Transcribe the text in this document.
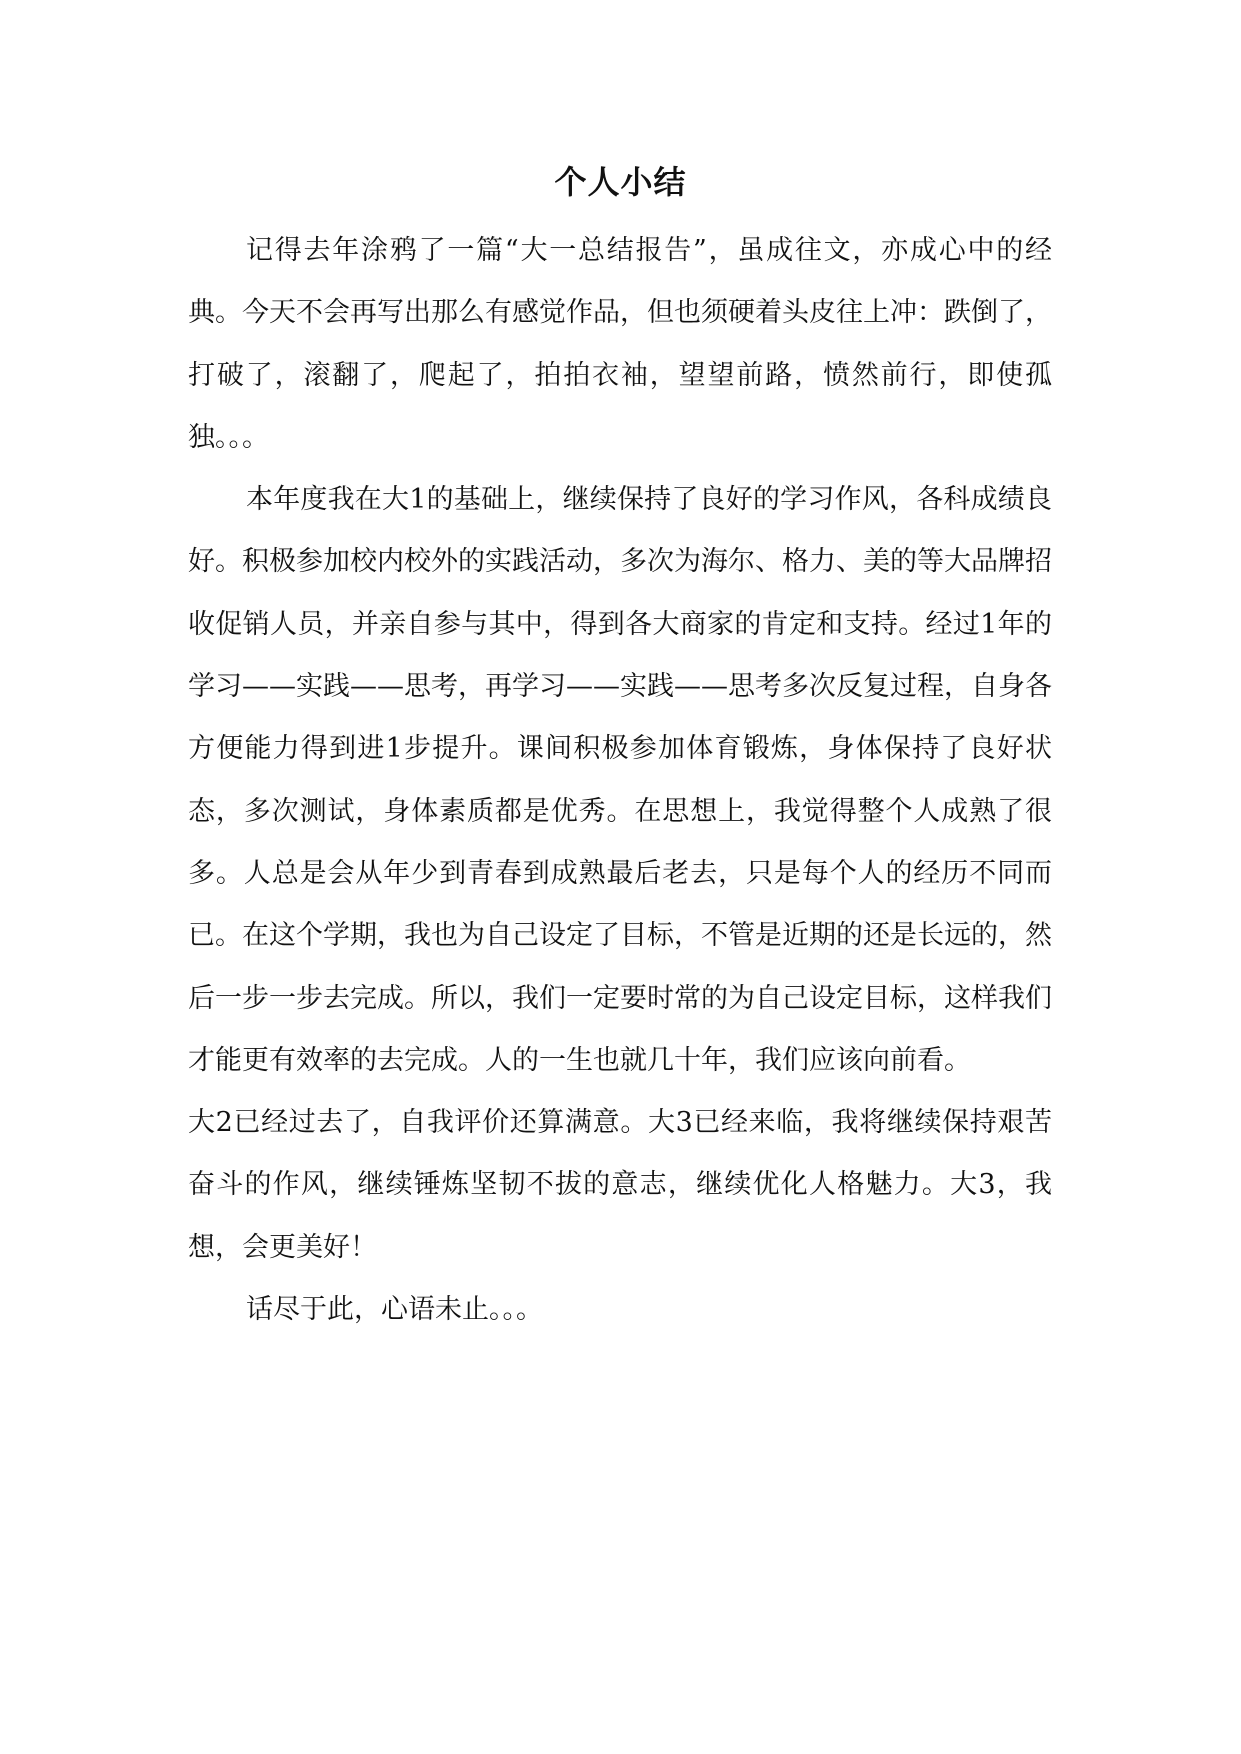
个人小结

记得去年涂鸦了一篇“大一总结报告”，虽成往文，亦成心中的经典。今天不会再写出那么有感觉作品，但也须硬着头皮往上冲：跌倒了，打破了，滚翻了，爬起了，拍拍衣袖，望望前路，愤然前行，即使孤独。。。

本年度我在大1的基础上，继续保持了良好的学习作风，各科成绩良好。积极参加校内校外的实践活动，多次为海尔、格力、美的等大品牌招收促销人员，并亲自参与其中，得到各大商家的肯定和支持。经过1年的学习——实践——思考，再学习——实践——思考多次反复过程，自身各方便能力得到进1步提升。课间积极参加体育锻炼，身体保持了良好状态，多次测试，身体素质都是优秀。在思想上，我觉得整个人成熟了很多。人总是会从年少到青春到成熟最后老去，只是每个人的经历不同而已。在这个学期，我也为自己设定了目标，不管是近期的还是长远的，然后一步一步去完成。所以，我们一定要时常的为自己设定目标，这样我们才能更有效率的去完成。人的一生也就几十年，我们应该向前看。

大2已经过去了，自我评价还算满意。大3已经来临，我将继续保持艰苦奋斗的作风，继续锤炼坚韧不拔的意志，继续优化人格魅力。大3，我想，会更美好！

话尽于此，心语未止。。。
